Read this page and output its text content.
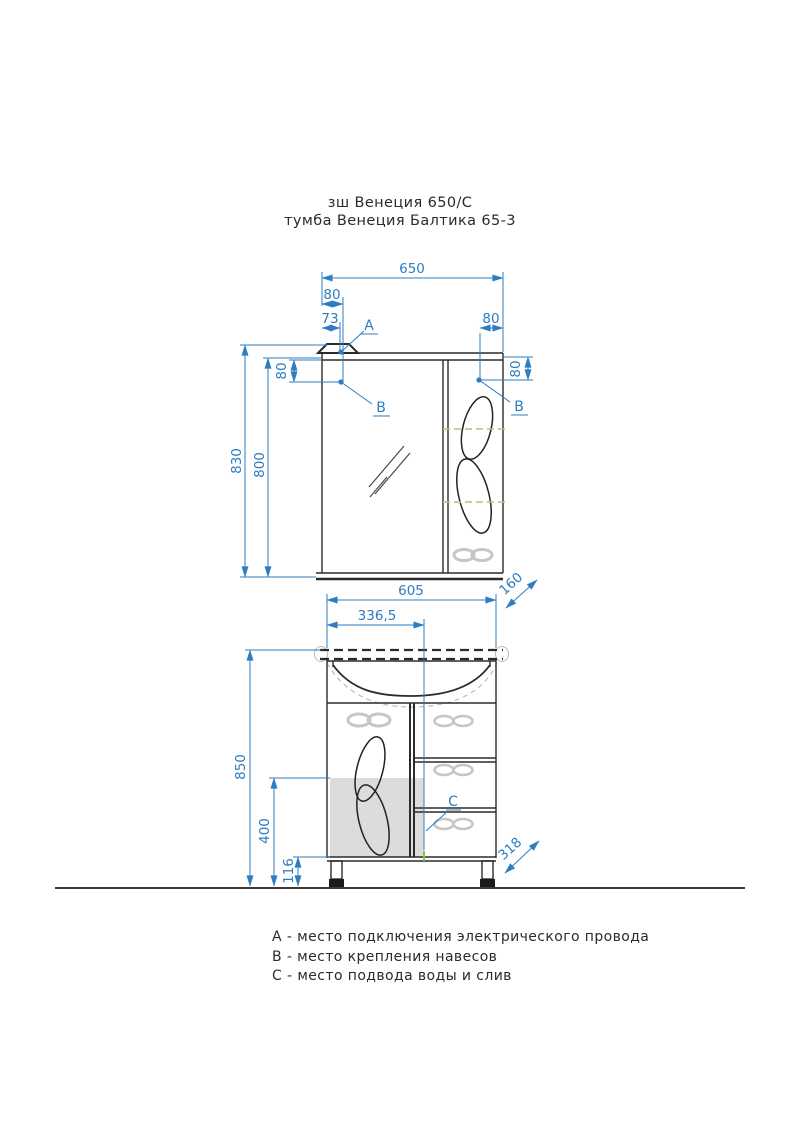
зш Венеция 650/С
тумба Венеция Балтика 65-3
650
80
73 A	80
830 800
80
B
80
B
605
336,5
160
850
400
116
318
C
А - место подключения электрического провода
В - место крепления навесов
С - место подвода воды и слив
